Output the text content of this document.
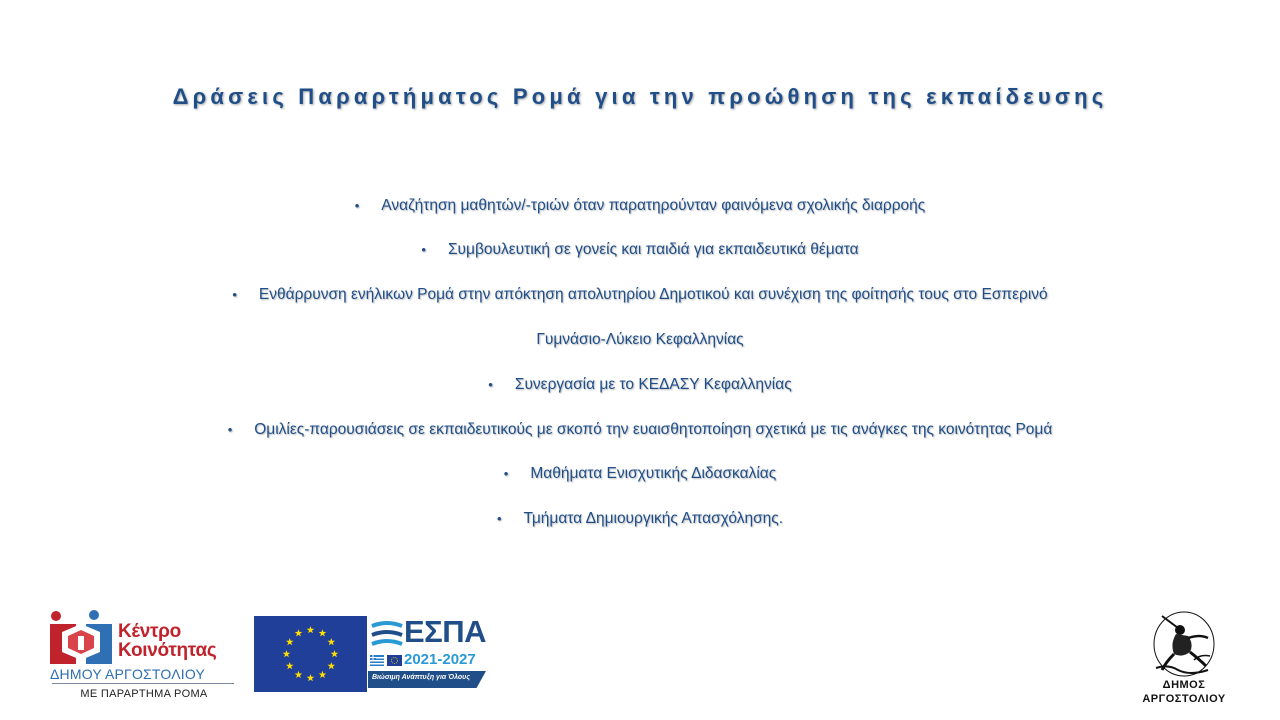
Δράσεις Παραρτήματος Ρομά για την προώθηση της εκπαίδευσης
• Αναζήτηση μαθητών/-τριών όταν παρατηρούνταν φαινόμενα σχολικής διαρροής
• Συμβουλευτική σε γονείς και παιδιά για εκπαιδευτικά θέματα
• Ενθάρρυνση ενήλικων Ρομά στην απόκτηση απολυτηρίου Δημοτικού και συνέχιση της φοίτησής τους στο Εσπερινό
Γυμνάσιο-Λύκειο Κεφαλληνίας
• Συνεργασία με το ΚΕΔΑΣΥ Κεφαλληνίας
• Ομιλίες-παρουσιάσεις σε εκπαιδευτικούς με σκοπό την ευαισθητοποίηση σχετικά με τις ανάγκες της κοινότητας Ρομά
• Μαθήματα Ενισχυτικής Διδασκαλίας
• Τμήματα Δημιουργικής Απασχόλησης.
Κέντρο
Κοινότητας
ΔΗΜΟΥ ΑΡΓΟΣΤΟΛΙΟΥ
ΜΕ ΠΑΡΑΡΤΗΜΑ ΡΟΜΑ
ΕΣΠΑ
2021-2027
Βιώσιμη Ανάπτυξη για Όλους
ΔΗΜΟΣ
ΑΡΓΟΣΤΟΛΙΟΥ
